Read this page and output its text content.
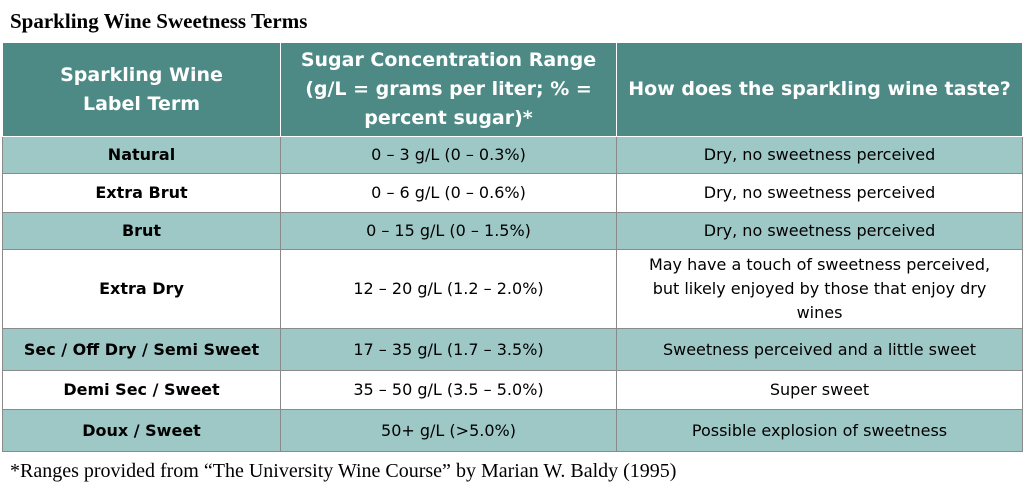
Sparkling Wine Sweetness Terms
Sparkling Wine Label Term	Sugar Concentration Range (g/L = grams per liter; % = percent sugar)*	How does the sparkling wine taste?
Natural	0 – 3 g/L (0 – 0.3%)	Dry, no sweetness perceived
Extra Brut	0 – 6 g/L (0 – 0.6%)	Dry, no sweetness perceived
Brut	0 – 15 g/L (0 – 1.5%)	Dry, no sweetness perceived
Extra Dry	12 – 20 g/L (1.2 – 2.0%)	May have a touch of sweetness perceived, but likely enjoyed by those that enjoy dry wines

Sec / Off Dry / Semi Sweet	17 – 35 g/L (1.7 – 3.5%)	Sweetness perceived and a little sweet
Demi Sec / Sweet	35 – 50 g/L (3.5 – 5.0%)	Super sweet
Doux / Sweet	50+ g/L (>5.0%)	Possible explosion of sweetness
*Ranges provided from “The University Wine Course” by Marian W. Baldy (1995)
